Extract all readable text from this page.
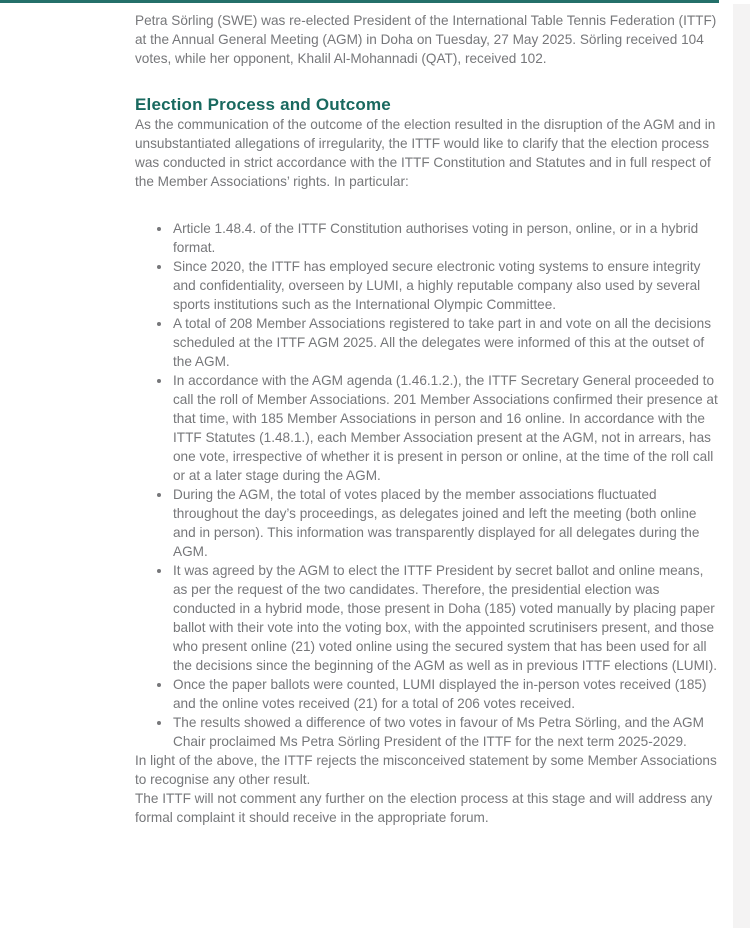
Petra Sörling (SWE) was re-elected President of the International Table Tennis Federation (ITTF) at the Annual General Meeting (AGM) in Doha on Tuesday, 27 May 2025. Sörling received 104 votes, while her opponent, Khalil Al-Mohannadi (QAT), received 102.

Election Process and Outcome

As the communication of the outcome of the election resulted in the disruption of the AGM and in unsubstantiated allegations of irregularity, the ITTF would like to clarify that the election process was conducted in strict accordance with the ITTF Constitution and Statutes and in full respect of the Member Associations’ rights. In particular:

• Article 1.48.4. of the ITTF Constitution authorises voting in person, online, or in a hybrid format.
• Since 2020, the ITTF has employed secure electronic voting systems to ensure integrity and confidentiality, overseen by LUMI, a highly reputable company also used by several sports institutions such as the International Olympic Committee.
• A total of 208 Member Associations registered to take part in and vote on all the decisions scheduled at the ITTF AGM 2025. All the delegates were informed of this at the outset of the AGM.
• In accordance with the AGM agenda (1.46.1.2.), the ITTF Secretary General proceeded to call the roll of Member Associations. 201 Member Associations confirmed their presence at that time, with 185 Member Associations in person and 16 online. In accordance with the ITTF Statutes (1.48.1.), each Member Association present at the AGM, not in arrears, has one vote, irrespective of whether it is present in person or online, at the time of the roll call or at a later stage during the AGM.
• During the AGM, the total of votes placed by the member associations fluctuated throughout the day’s proceedings, as delegates joined and left the meeting (both online and in person). This information was transparently displayed for all delegates during the AGM.
• It was agreed by the AGM to elect the ITTF President by secret ballot and online means, as per the request of the two candidates. Therefore, the presidential election was conducted in a hybrid mode, those present in Doha (185) voted manually by placing paper ballot with their vote into the voting box, with the appointed scrutinisers present, and those who present online (21) voted online using the secured system that has been used for all the decisions since the beginning of the AGM as well as in previous ITTF elections (LUMI).
• Once the paper ballots were counted, LUMI displayed the in-person votes received (185) and the online votes received (21) for a total of 206 votes received.
• The results showed a difference of two votes in favour of Ms Petra Sörling, and the AGM Chair proclaimed Ms Petra Sörling President of the ITTF for the next term 2025-2029.

In light of the above, the ITTF rejects the misconceived statement by some Member Associations to recognise any other result.

The ITTF will not comment any further on the election process at this stage and will address any formal complaint it should receive in the appropriate forum.
